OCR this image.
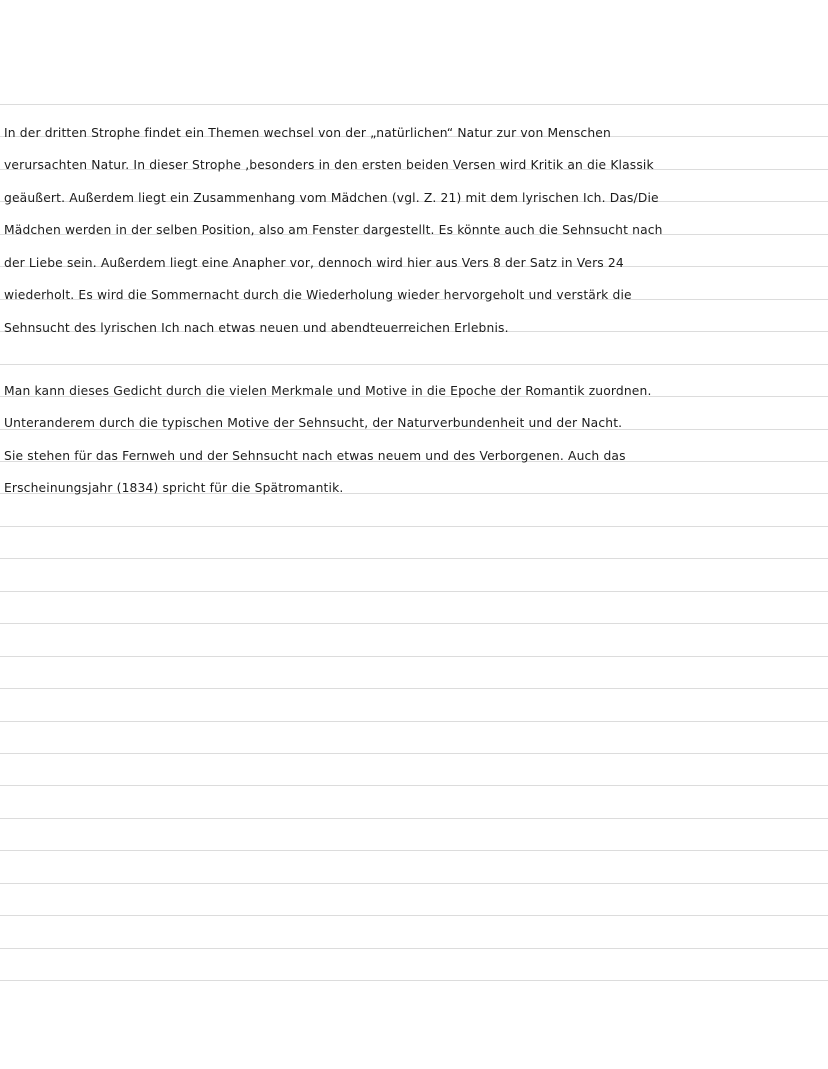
In der dritten Strophe findet ein Themen wechsel von der „natürlichen“ Natur zur von Menschen
verursachten Natur. In dieser Strophe ,besonders in den ersten beiden Versen wird Kritik an die Klassik
geäußert. Außerdem liegt ein Zusammenhang vom Mädchen (vgl. Z. 21) mit dem lyrischen Ich. Das/Die
Mädchen werden in der selben Position, also am Fenster dargestellt. Es könnte auch die Sehnsucht nach
der Liebe sein. Außerdem liegt eine Anapher vor, dennoch wird hier aus Vers 8 der Satz in Vers 24
wiederholt. Es wird die Sommernacht durch die Wiederholung wieder hervorgeholt und verstärk die
Sehnsucht des lyrischen Ich nach etwas neuen und abendteuerreichen Erlebnis.
Man kann dieses Gedicht durch die vielen Merkmale und Motive in die Epoche der Romantik zuordnen.
Unteranderem durch die typischen Motive der Sehnsucht, der Naturverbundenheit und der Nacht.
Sie stehen für das Fernweh und der Sehnsucht nach etwas neuem und des Verborgenen. Auch das
Erscheinungsjahr (1834) spricht für die Spätromantik.
